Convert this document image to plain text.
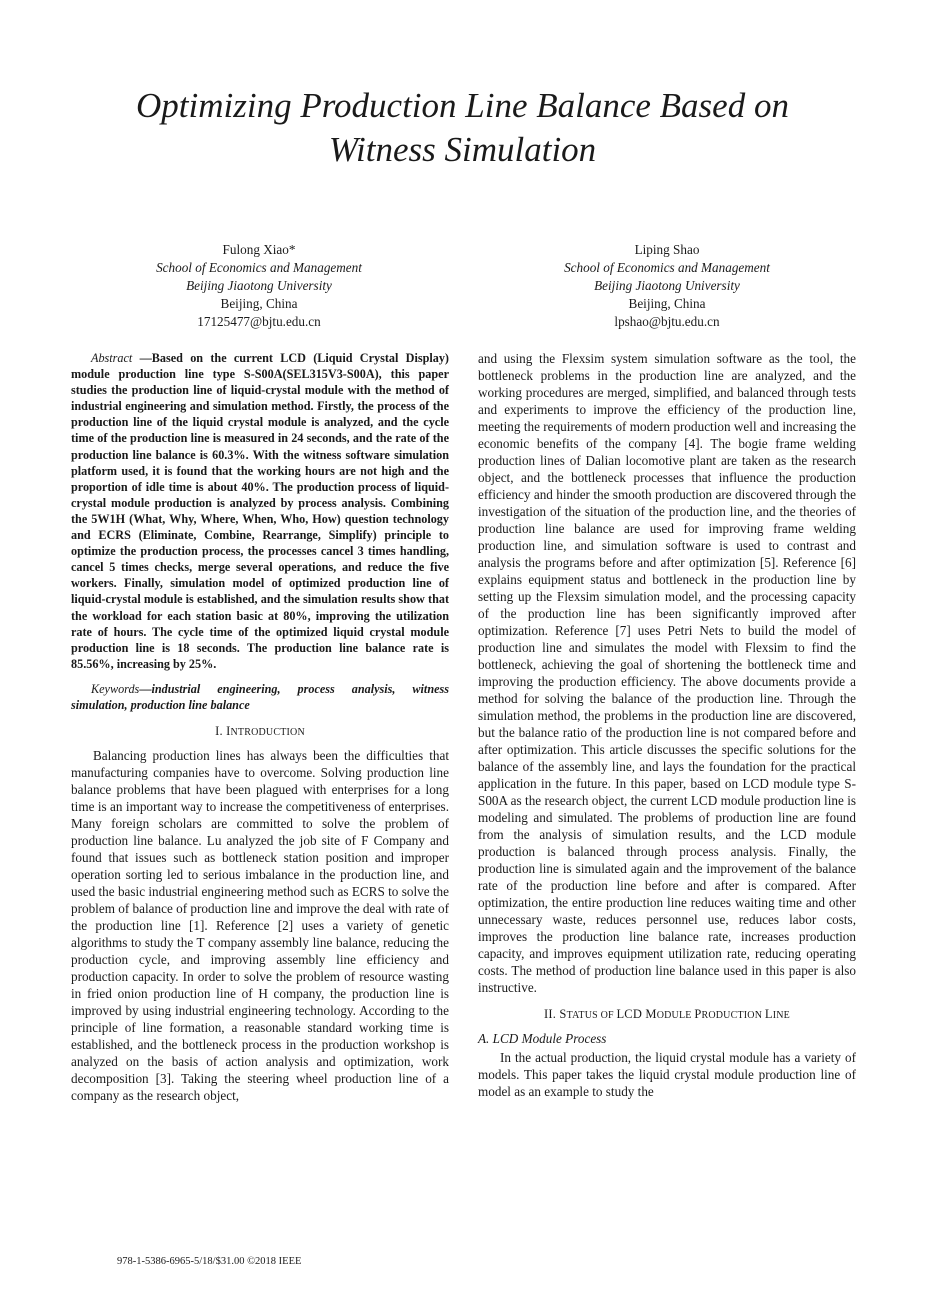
Optimizing Production Line Balance Based on
Witness Simulation
Fulong Xiao*
School of Economics and Management
Beijing Jiaotong University
Beijing, China
17125477@bjtu.edu.cn
Liping Shao
School of Economics and Management
Beijing Jiaotong University
Beijing, China
lpshao@bjtu.edu.cn

Abstract —Based on the current LCD (Liquid Crystal Display) module production line type S-S00A(SEL315V3-S00A), this paper studies the production line of liquid-crystal module with the method of industrial engineering and simulation method. Firstly, the process of the production line of the liquid crystal module is analyzed, and the cycle time of the production line is measured in 24 seconds, and the rate of the production line balance is 60.3%. With the witness software simulation platform used, it is found that the working hours are not high and the proportion of idle time is about 40%. The production process of liquid-crystal module production is analyzed by process analysis. Combining the 5W1H (What, Why, Where, When, Who, How) question technology and ECRS (Eliminate, Combine, Rearrange, Simplify) principle to optimize the production process, the processes cancel 3 times handling, cancel 5 times checks, merge several operations, and reduce the five workers. Finally, simulation model of optimized production line of liquid-crystal module is established, and the simulation results show that the workload for each station basic at 80%, improving the utilization rate of hours. The cycle time of the optimized liquid crystal module production line is 18 seconds. The production line balance rate is 85.56%, increasing by 25%.

Keywords—industrial engineering, process analysis, witness simulation, production line balance

I. INTRODUCTION

Balancing production lines has always been the difficulties that manufacturing companies have to overcome. Solving production line balance problems that have been plagued with enterprises for a long time is an important way to increase the competitiveness of enterprises. Many foreign scholars are committed to solve the problem of production line balance. Lu analyzed the job site of F Company and found that issues such as bottleneck station position and improper operation sorting led to serious imbalance in the production line, and used the basic industrial engineering method such as ECRS to solve the problem of balance of production line and improve the deal with rate of the production line [1]. Reference [2] uses a variety of genetic algorithms to study the T company assembly line balance, reducing the production cycle, and improving assembly line efficiency and production capacity. In order to solve the problem of resource wasting in fried onion production line of H company, the production line is improved by using industrial engineering technology. According to the principle of line formation, a reasonable standard working time is established, and the bottleneck process in the production workshop is analyzed on the basis of action analysis and optimization, work decomposition [3]. Taking the steering wheel production line of a company as the research object,

and using the Flexsim system simulation software as the tool, the bottleneck problems in the production line are analyzed, and the working procedures are merged, simplified, and balanced through tests and experiments to improve the efficiency of the production line, meeting the requirements of modern production well and increasing the economic benefits of the company [4]. The bogie frame welding production lines of Dalian locomotive plant are taken as the research object, and the bottleneck processes that influence the production efficiency and hinder the smooth production are discovered through the investigation of the situation of the production line, and the theories of production line balance are used for improving frame welding production line, and simulation software is used to contrast and analysis the programs before and after optimization [5]. Reference [6] explains equipment status and bottleneck in the production line by setting up the Flexsim simulation model, and the processing capacity of the production line has been significantly improved after optimization. Reference [7] uses Petri Nets to build the model of production line and simulates the model with Flexsim to find the bottleneck, achieving the goal of shortening the bottleneck time and improving the production efficiency. The above documents provide a method for solving the balance of the production line. Through the simulation method, the problems in the production line are discovered, but the balance ratio of the production line is not compared before and after optimization. This article discusses the specific solutions for the balance of the assembly line, and lays the foundation for the practical application in the future. In this paper, based on LCD module type S-S00A as the research object, the current LCD module production line is modeling and simulated. The problems of production line are found from the analysis of simulation results, and the LCD module production is balanced through process analysis. Finally, the production line is simulated again and the improvement of the balance rate of the production line before and after is compared. After optimization, the entire production line reduces waiting time and other unnecessary waste, reduces personnel use, reduces labor costs, improves the production line balance rate, increases production capacity, and improves equipment utilization rate, reducing operating costs. The method of production line balance used in this paper is also instructive.

II. STATUS OF LCD MODULE PRODUCTION LINE
A. LCD Module Process

In the actual production, the liquid crystal module has a variety of models. This paper takes the liquid crystal module production line of model as an example to study the

978-1-5386-6965-5/18/$31.00 ©2018 IEEE
